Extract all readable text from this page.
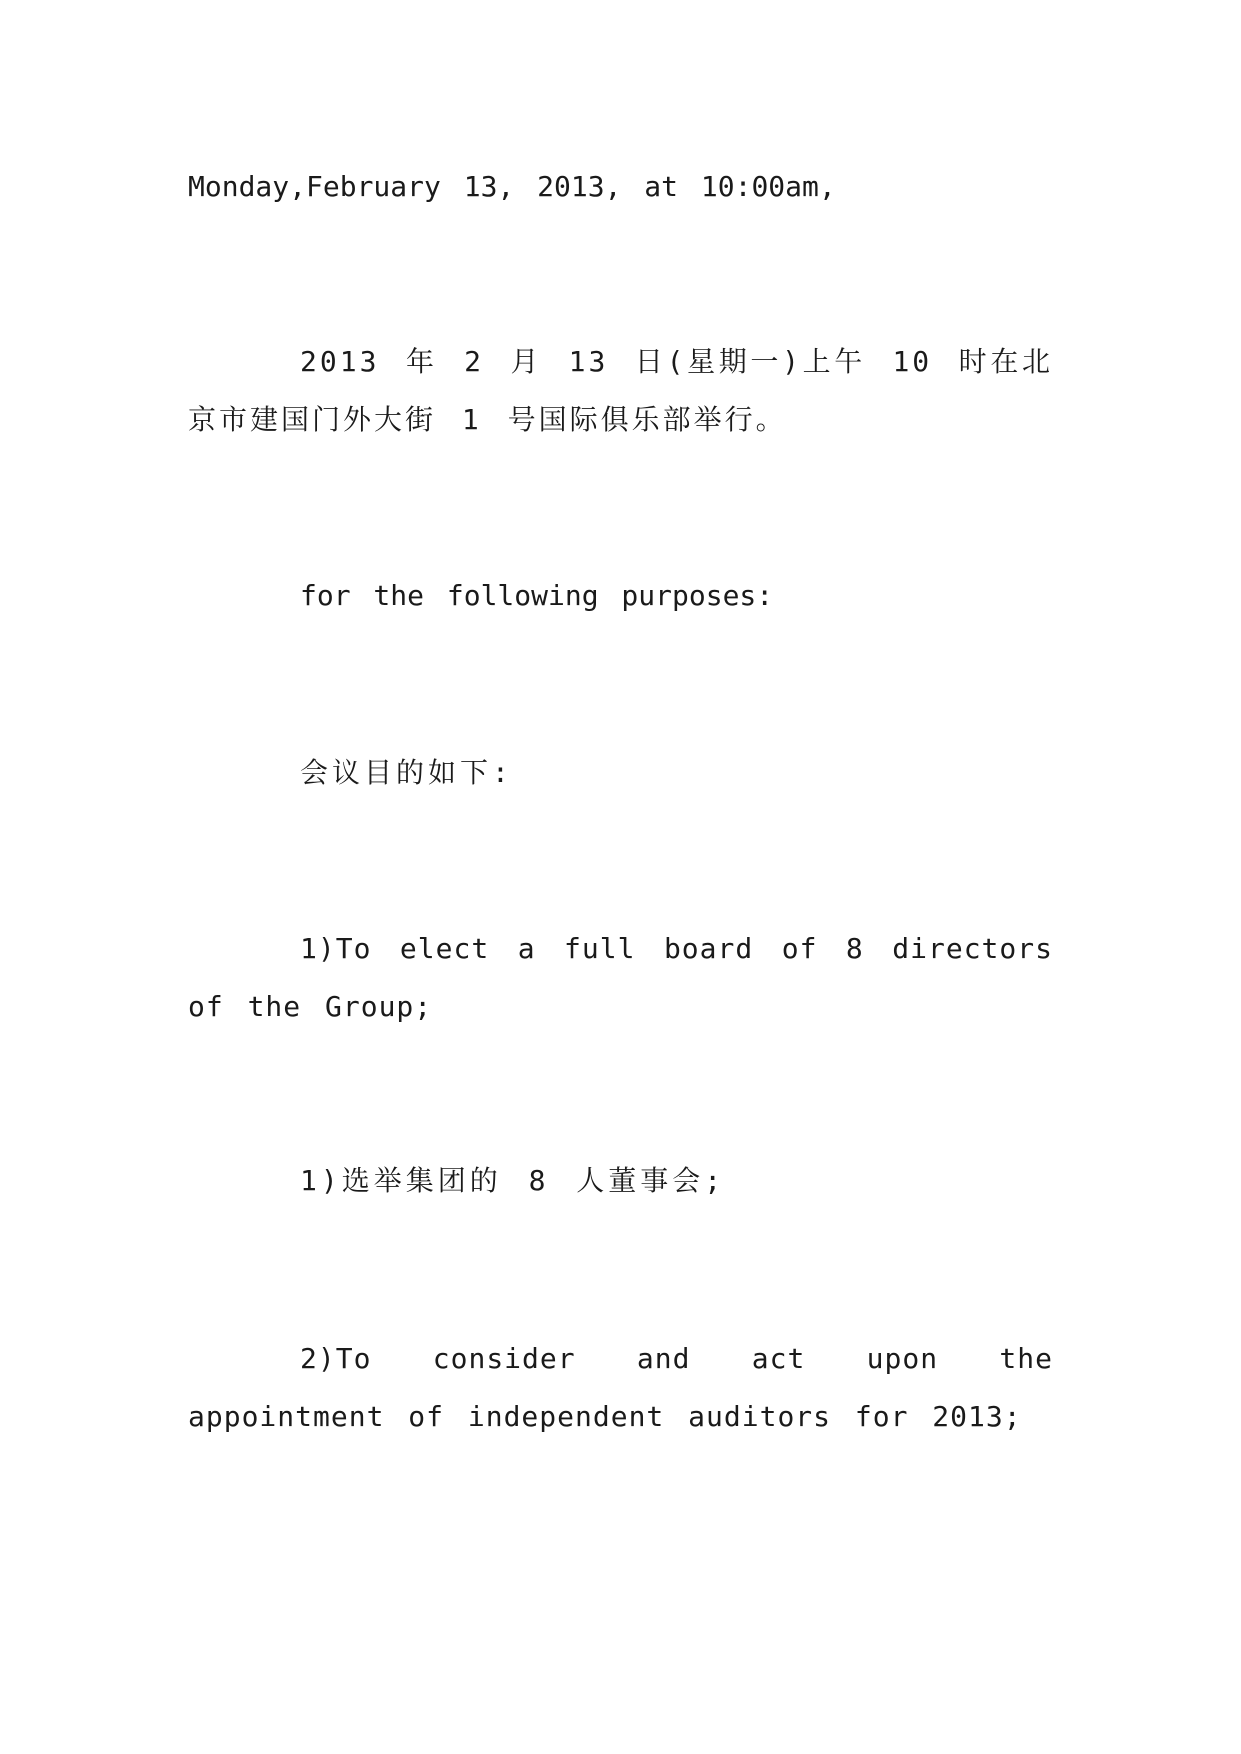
Monday,February 13, 2013, at 10:00am,

2013 年 2 月 13 日(星期一)上午 10 时在北京市建国门外大街 1 号国际俱乐部举行。

for the following purposes:

会议目的如下:

1)To elect a full board of 8 directors of the Group;

1)选举集团的 8 人董事会;

2)To consider and act upon the appointment of independent auditors for 2013;
